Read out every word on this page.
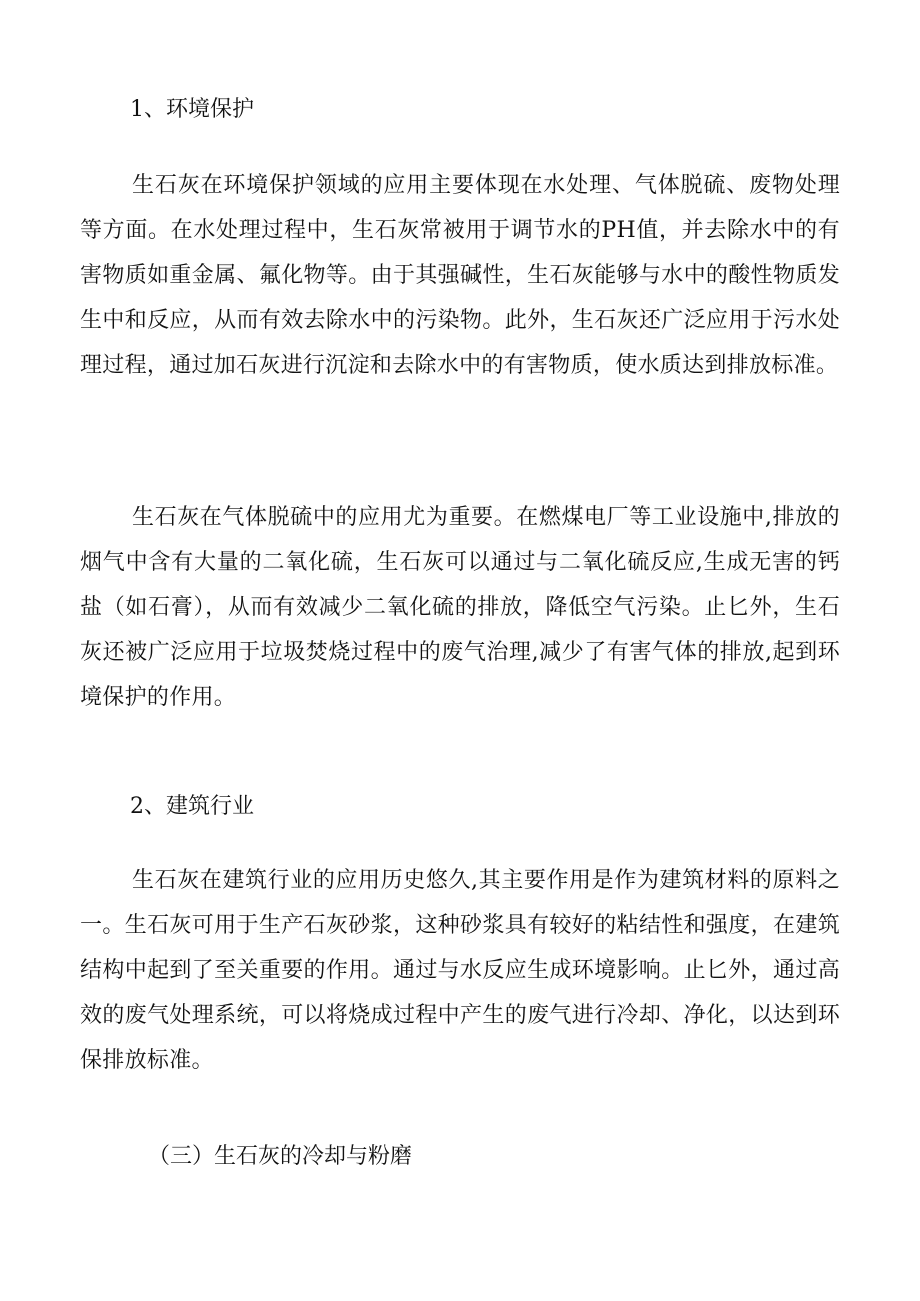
1、环境保护
生石灰在环境保护领域的应用主要体现在水处理、气体脱硫、废物处理等方面。在水处理过程中，生石灰常被用于调节水的PH值，并去除水中的有害物质如重金属、氟化物等。由于其强碱性，生石灰能够与水中的酸性物质发生中和反应，从而有效去除水中的污染物。此外，生石灰还广泛应用于污水处理过程，通过加石灰进行沉淀和去除水中的有害物质，使水质达到排放标准。
生石灰在气体脱硫中的应用尤为重要。在燃煤电厂等工业设施中,排放的烟气中含有大量的二氧化硫，生石灰可以通过与二氧化硫反应,生成无害的钙盐（如石膏），从而有效减少二氧化硫的排放，降低空气污染。止匕外，生石灰还被广泛应用于垃圾焚烧过程中的废气治理,减少了有害气体的排放,起到环境保护的作用。
2、建筑行业
生石灰在建筑行业的应用历史悠久,其主要作用是作为建筑材料的原料之一。生石灰可用于生产石灰砂浆，这种砂浆具有较好的粘结性和强度，在建筑结构中起到了至关重要的作用。通过与水反应生成环境影响。止匕外，通过高效的废气处理系统，可以将烧成过程中产生的废气进行冷却、净化，以达到环保排放标准。
（三）生石灰的冷却与粉磨
